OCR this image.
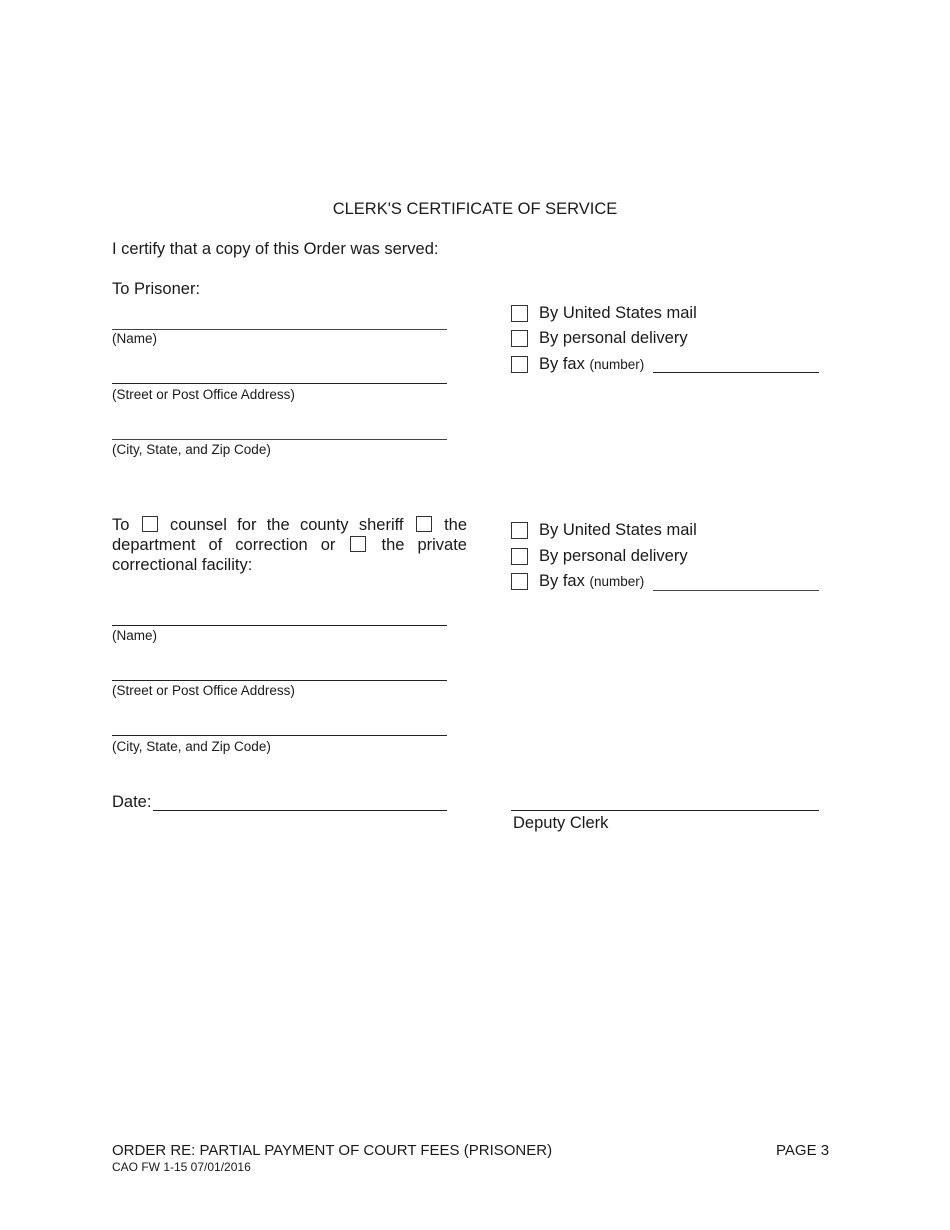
CLERK'S CERTIFICATE OF SERVICE
I certify that a copy of this Order was served:
To Prisoner:
(Name)
(Street or Post Office Address)
(City, State, and Zip Code)
By United States mail
By personal delivery
By fax (number)
To counsel for the county sheriff the department of correction or	the private correctional facility:
(Name)
(Street or Post Office Address)
(City, State, and Zip Code)
By United States mail
By personal delivery
By fax (number)
Date:
Deputy Clerk
ORDER RE: PARTIAL PAYMENT OF COURT FEES (PRISONER)
CAO FW 1-15 07/01/2016
PAGE 3
